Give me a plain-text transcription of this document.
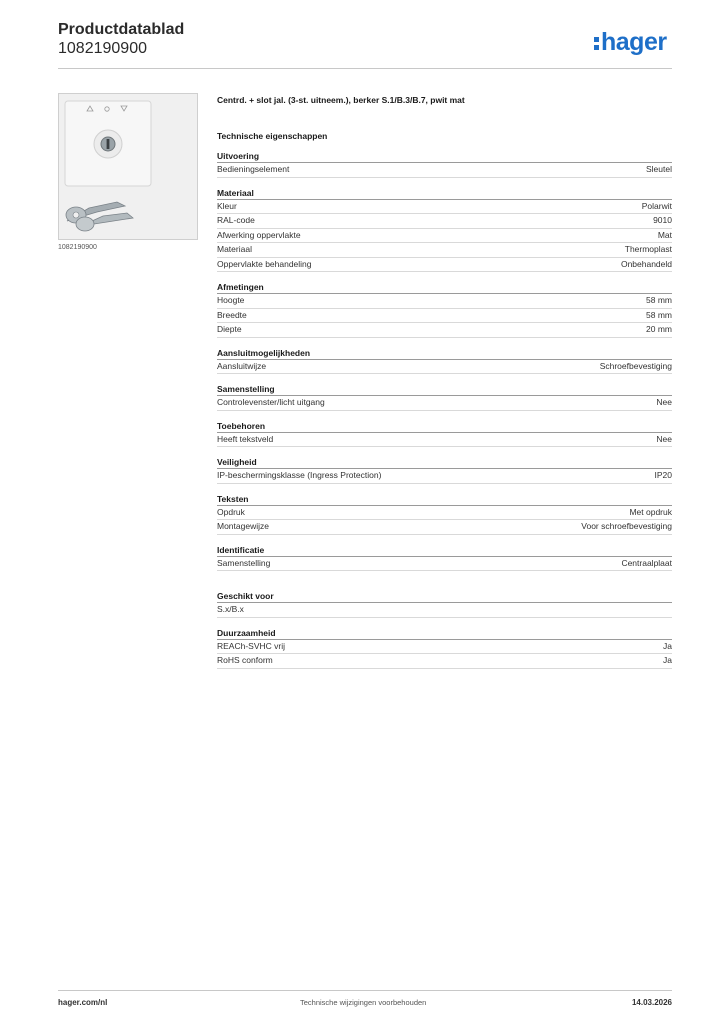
Productdatablad
1082190900	hager
1082190900
Centrd. + slot jal. (3-st. uitneem.), berker S.1/B.3/B.7, pwit mat
Technische eigenschappen
Uitvoering
Bedieningselement	Sleutel
Materiaal
Kleur	Polarwit
RAL-code	9010
Afwerking oppervlakte	Mat
Materiaal	Thermoplast
Oppervlakte behandeling	Onbehandeld
Afmetingen
Hoogte	58 mm
Breedte	58 mm
Diepte	20 mm
Aansluitmogelijkheden
Aansluitwijze	Schroefbevestiging
Samenstelling
Controlevenster/licht uitgang	Nee
Toebehoren
Heeft tekstveld	Nee
Veiligheid
IP-beschermingsklasse (Ingress Protection)	IP20
Teksten
Opdruk	Met opdruk
Montagewijze	Voor schroefbevestiging
Identificatie
Samenstelling	Centraalplaat
Geschikt voor
S.x/B.x
Duurzaamheid
REACh-SVHC vrij	Ja
RoHS conform	Ja
hager.com/nl	Technische wijzigingen voorbehouden	14.03.2026
